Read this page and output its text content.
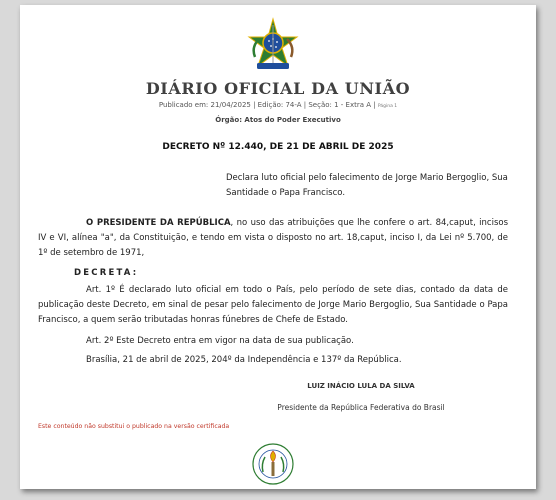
DIÁRIO OFICIAL DA UNIÃO
Publicado em: 21/04/2025 | Edição: 74-A | Seção: 1 - Extra A | Página 1
Órgão: Atos do Poder Executivo
DECRETO Nº 12.440, DE 21 DE ABRIL DE 2025
Declara luto oficial pelo falecimento de Jorge Mario Bergoglio, Sua Santidade o Papa Francisco.
O PRESIDENTE DA REPÚBLICA, no uso das atribuições que lhe confere o art. 84,caput, incisos IV e VI, alínea "a", da Constituição, e tendo em vista o disposto no art. 18,caput, inciso I, da Lei nº 5.700, de 1º de setembro de 1971,
DECRETA:
Art. 1º É declarado luto oficial em todo o País, pelo período de sete dias, contado da data de publicação deste Decreto, em sinal de pesar pelo falecimento de Jorge Mario Bergoglio, Sua Santidade o Papa Francisco, a quem serão tributadas honras fúnebres de Chefe de Estado.
Art. 2º Este Decreto entra em vigor na data de sua publicação.
Brasília, 21 de abril de 2025, 204º da Independência e 137º da República.
LUIZ INÁCIO LULA DA SILVA
Presidente da República Federativa do Brasil
Este conteúdo não substitui o publicado na versão certificada
